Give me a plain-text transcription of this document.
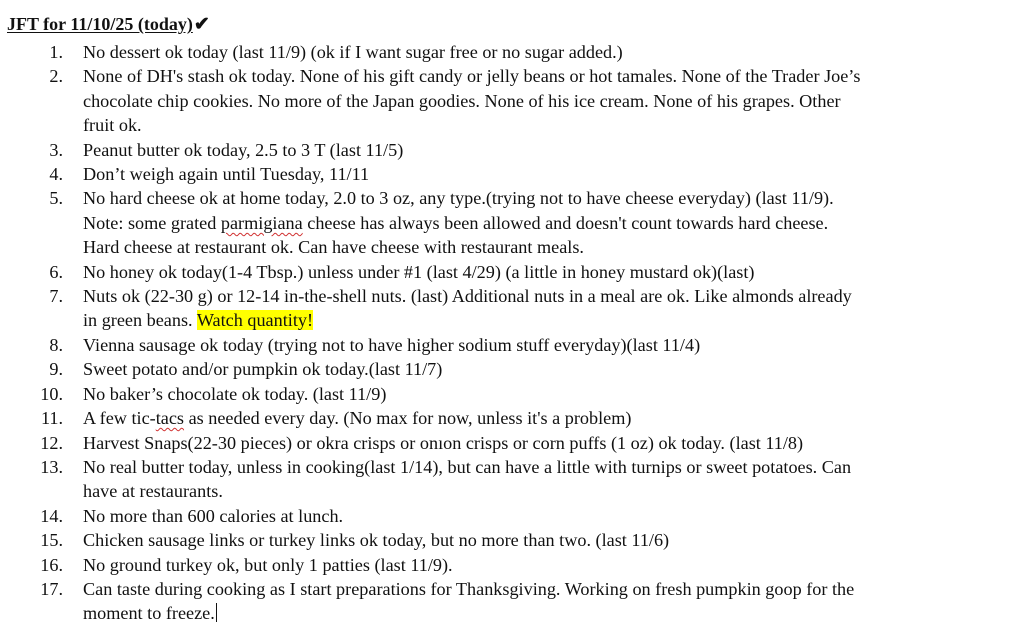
JFT for 11/10/25 (today)✔
1. No dessert ok today (last 11/9) (ok if I want sugar free or no sugar added.)
2. None of DH's stash ok today. None of his gift candy or jelly beans or hot tamales. None of the Trader Joe’s
chocolate chip cookies. No more of the Japan goodies. None of his ice cream. None of his grapes. Other
fruit ok.
3. Peanut butter ok today, 2.5 to 3 T (last 11/5)
4. Don’t weigh again until Tuesday, 11/11
5. No hard cheese ok at home today, 2.0 to 3 oz, any type.(trying not to have cheese everyday) (last 11/9).
Note: some grated parmigiana cheese has always been allowed and doesn't count towards hard cheese.
Hard cheese at restaurant ok. Can have cheese with restaurant meals.
6. No honey ok today(1-4 Tbsp.) unless under #1 (last 4/29) (a little in honey mustard ok)(last)
7. Nuts ok (22-30 g) or 12-14 in-the-shell nuts. (last) Additional nuts in a meal are ok. Like almonds already
in green beans. Watch quantity!
8. Vienna sausage ok today (trying not to have higher sodium stuff everyday)(last 11/4)
9. Sweet potato and/or pumpkin ok today.(last 11/7)
10. No baker’s chocolate ok today. (last 11/9)
11. A few tic-tacs as needed every day. (No max for now, unless it's a problem)
12. Harvest Snaps(22-30 pieces) or okra crisps or onıon crisps or corn puffs (1 oz) ok today. (last 11/8)
13. No real butter today, unless in cooking(last 1/14), but can have a little with turnips or sweet potatoes. Can
have at restaurants.
14. No more than 600 calories at lunch.
15. Chicken sausage links or turkey links ok today, but no more than two. (last 11/6)
16. No ground turkey ok, but only 1 patties (last 11/9).
17. Can taste during cooking as I start preparations for Thanksgiving. Working on fresh pumpkin goop for the
moment to freeze.
